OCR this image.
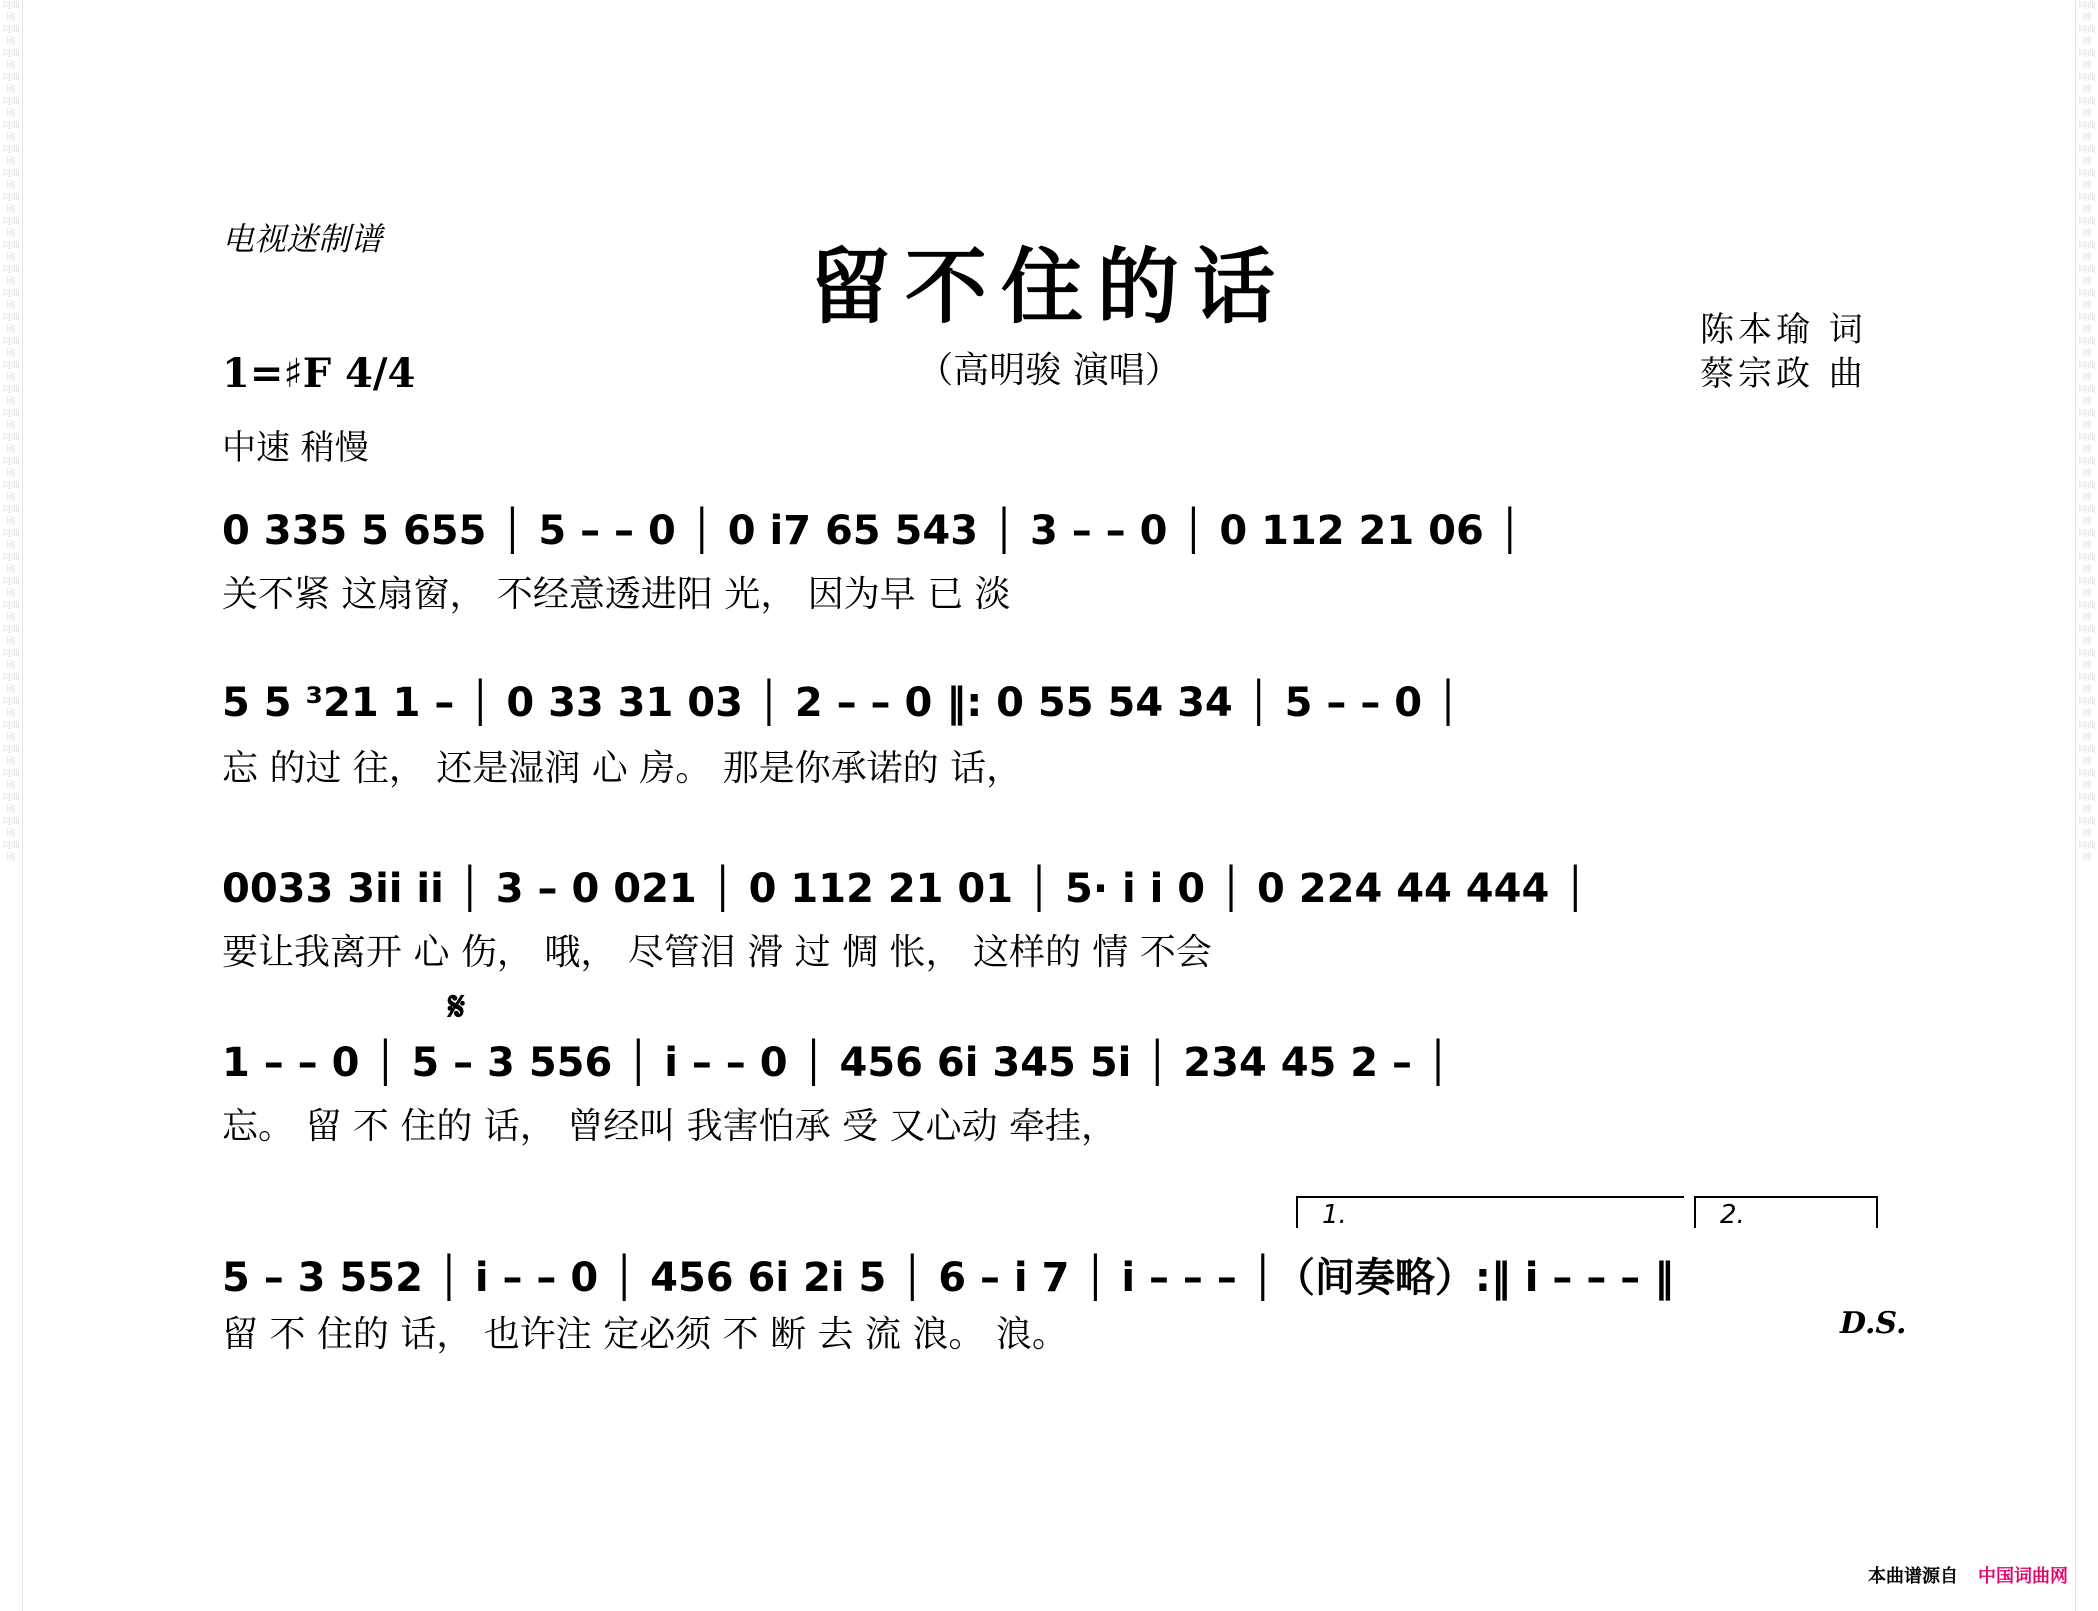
词曲网
词曲网
词曲网
词曲网
词曲网
词曲网
词曲网
词曲网
词曲网
词曲网
词曲网
词曲网
词曲网
词曲网
词曲网
词曲网
词曲网
词曲网
词曲网
词曲网
词曲网
词曲网
词曲网
词曲网
词曲网
词曲网
词曲网
词曲网
词曲网
词曲网
词曲网
词曲网
词曲网
词曲网
词曲网
词曲网
词曲网
词曲网
词曲网
词曲网
词曲网
词曲网
词曲网
词曲网
词曲网
词曲网
词曲网
词曲网
词曲网
词曲网
词曲网
词曲网
词曲网
词曲网
词曲网
词曲网
词曲网
词曲网
词曲网
词曲网
词曲网
词曲网
词曲网
词曲网
词曲网
词曲网
词曲网
词曲网
词曲网
词曲网
词曲网
词曲网
电视迷制谱	留不住的话
（高明骏 演唱）
陈本瑜 词
蔡宗政 曲
1=♯F 4/4
中速 稍慢
0 335 5 655 │ 5 – – 0 │ 0 i7 65 543 │ 3 – – 0 │ 0 112 21 06 │
关不紧 这扇窗， 不经意透进阳 光， 因为早 已 淡
5 5 ³21 1 – │ 0 33 31 03 │ 2 – – 0 ‖: 0 55 54 34 │ 5 – – 0 │
忘 的过 往， 还是湿润 心 房。 那是你承诺的 话，
0033 3ii ii │ 3 – 0 021 │ 0 112 21 01 │ 5· i i 0 │ 0 224 44 444 │
要让我离开 心 伤， 哦， 尽管泪 滑 过 惆 怅， 这样的 情 不会
𝄋
1 – – 0 │ 5 – 3 556 │ i – – 0 │ 456 6i 345 5i │ 234 45 2 – │
忘。 留 不 住的 话， 曾经叫 我害怕承 受 又心动 牵挂，
1.	2.
5 – 3 552 │ i – – 0 │ 456 6i 2i 5 │ 6 – i 7 │ i – – – │（间奏略）:‖ i – – – ‖
留 不 住的 话， 也许注 定必须 不 断 去 流 浪。 浪。	D.S.
本曲谱源自 中国词曲网
